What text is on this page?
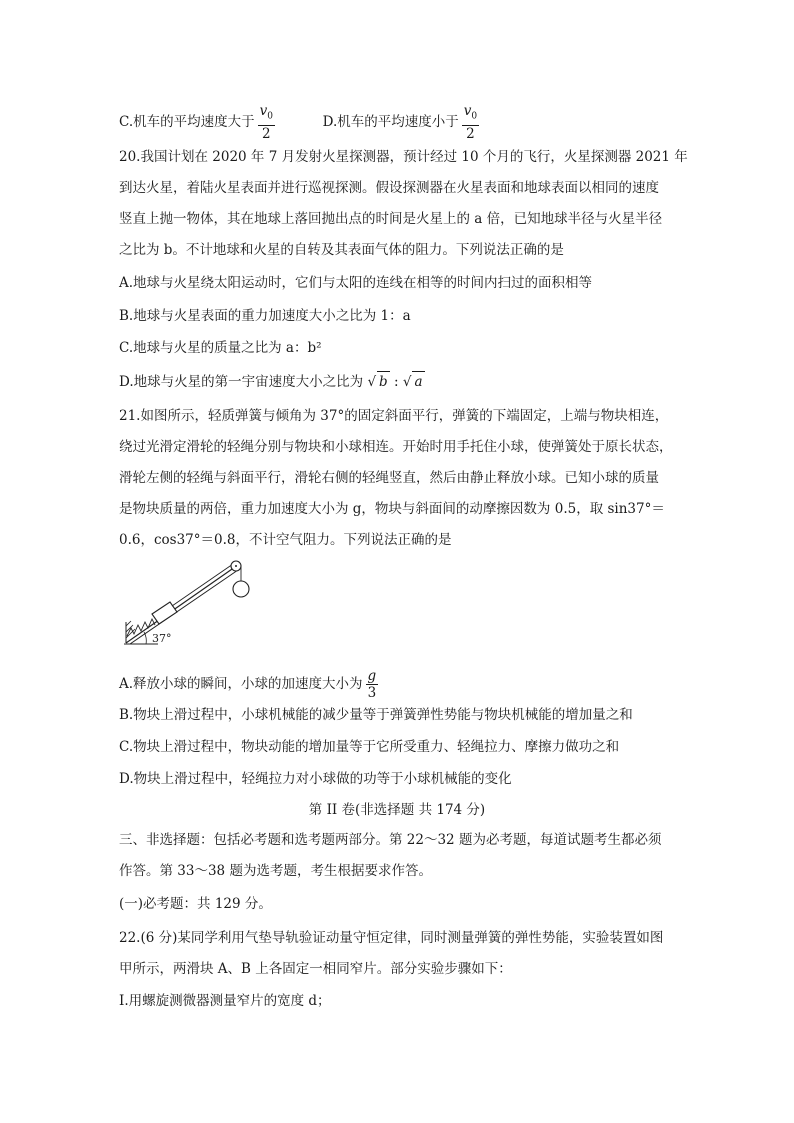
C.机车的平均速度大于 $\frac{v_0}{2}$	D.机车的平均速度小于 $\frac{v_0}{2}$
20.我国计划在 2020 年 7 月发射火星探测器，预计经过 10 个月的飞行，火星探测器 2021 年
到达火星，着陆火星表面并进行巡视探测。假设探测器在火星表面和地球表面以相同的速度
竖直上抛一物体，其在地球上落回抛出点的时间是火星上的 a 倍，已知地球半径与火星半径
之比为 b。不计地球和火星的自转及其表面气体的阻力。下列说法正确的是
A.地球与火星绕太阳运动时，它们与太阳的连线在相等的时间内扫过的面积相等
B.地球与火星表面的重力加速度大小之比为 1：a
C.地球与火星的质量之比为 a：b²
D.地球与火星的第一宇宙速度大小之比为 √ b : √ a
21.如图所示，轻质弹簧与倾角为 37°的固定斜面平行，弹簧的下端固定，上端与物块相连，
绕过光滑定滑轮的轻绳分别与物块和小球相连。开始时用手托住小球，使弹簧处于原长状态，
滑轮左侧的轻绳与斜面平行，滑轮右侧的轻绳竖直，然后由静止释放小球。已知小球的质量
是物块质量的两倍，重力加速度大小为 g，物块与斜面间的动摩擦因数为 0.5，取 sin37°＝
0.6，cos37°＝0.8，不计空气阻力。下列说法正确的是
37°
A.释放小球的瞬间，小球的加速度大小为 $\frac{g}{3}$
B.物块上滑过程中，小球机械能的减少量等于弹簧弹性势能与物块机械能的增加量之和
C.物块上滑过程中，物块动能的增加量等于它所受重力、轻绳拉力、摩擦力做功之和
D.物块上滑过程中，轻绳拉力对小球做的功等于小球机械能的变化
第 II 卷(非选择题 共 174 分)
三、非选择题：包括必考题和选考题两部分。第 22～32 题为必考题，每道试题考生都必须
作答。第 33～38 题为选考题，考生根据要求作答。
(一)必考题：共 129 分。
22.(6 分)某同学利用气垫导轨验证动量守恒定律，同时测量弹簧的弹性势能，实验装置如图
甲所示，两滑块 A、B 上各固定一相同窄片。部分实验步骤如下：
I.用螺旋测微器测量窄片的宽度 d；
